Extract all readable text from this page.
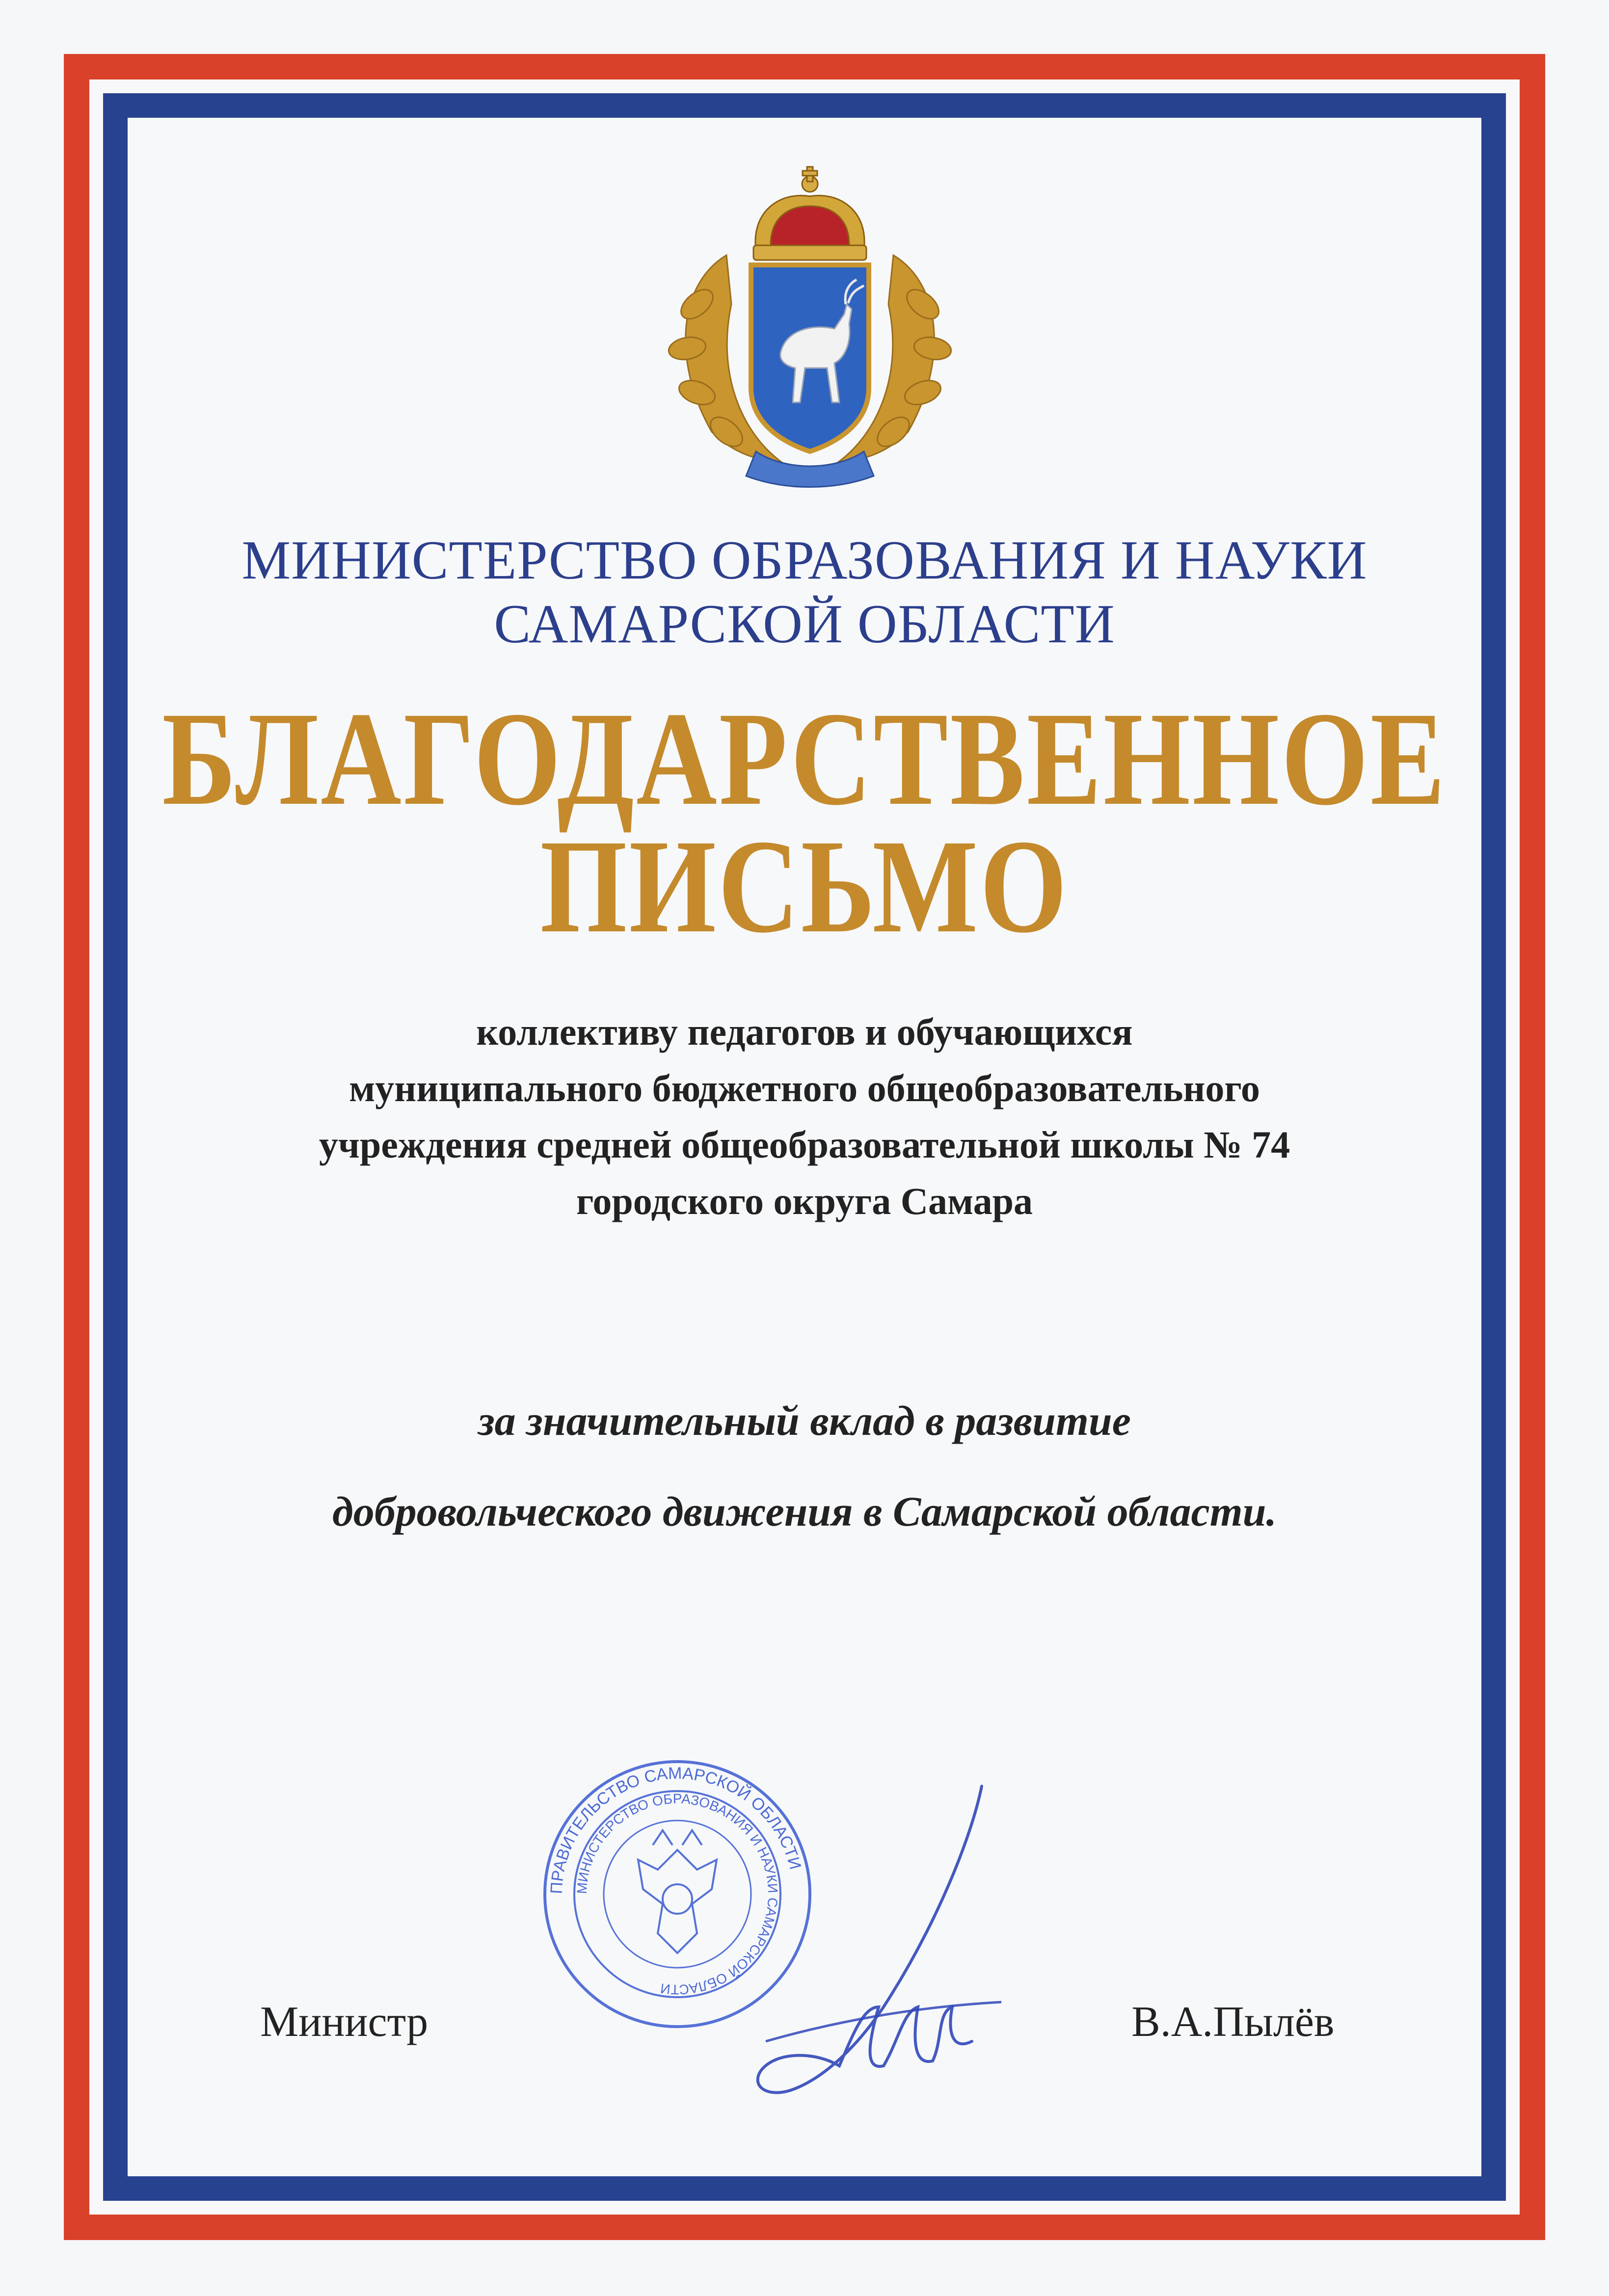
МИНИСТЕРСТВО ОБРАЗОВАНИЯ И НАУКИ
САМАРСКОЙ ОБЛАСТИ
БЛАГОДАРСТВЕННОЕ
ПИСЬМО
коллективу педагогов и обучающихся
муниципального бюджетного общеобразовательного
учреждения средней общеобразовательной школы № 74
городского округа Самара
за значительный вклад в развитие
добровольческого движения в Самарской области.
ПРАВИТЕЛЬСТВО САМАРСКОЙ ОБЛАСТИ
МИНИСТЕРСТВО ОБРАЗОВАНИЯ И НАУКИ САМАРСКОЙ ОБЛАСТИ
Министр	В.А.Пылёв
